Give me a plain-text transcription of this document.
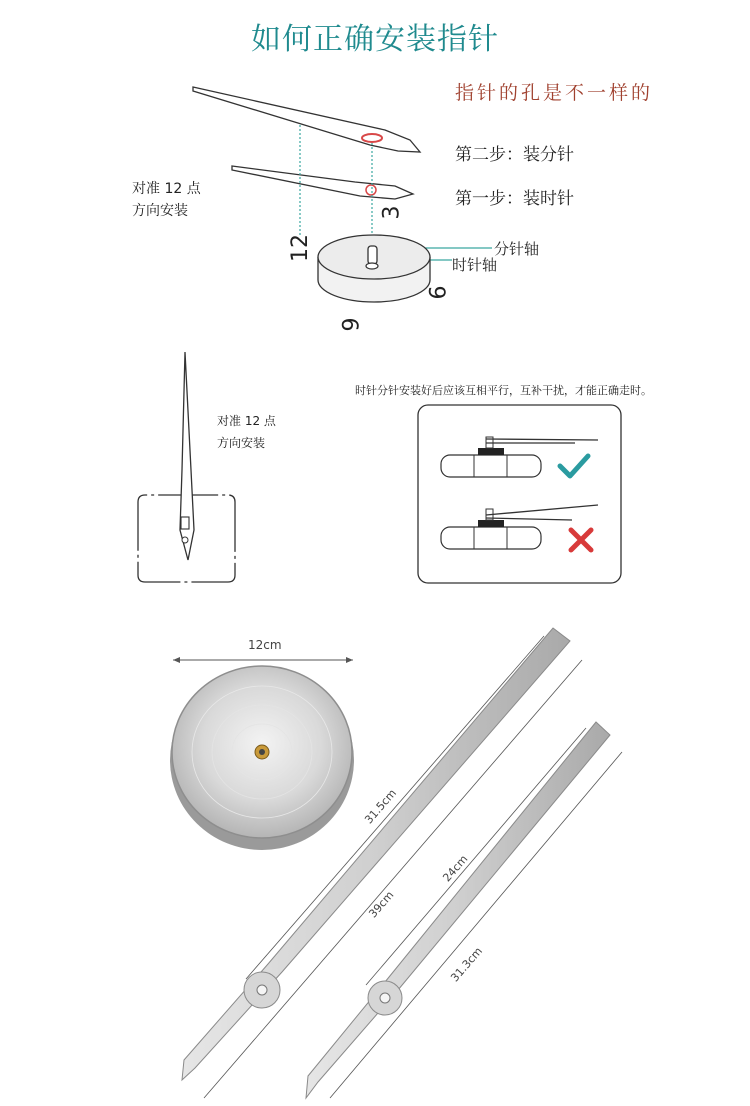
如何正确安装指针
指针的孔是不一样的
第二步：装分针
第一步：装时针
对准 12 点
方向安装
12
3
6
9
分针轴
时针轴
对准 12 点
方向安装
时针分针安装好后应该互相平行，互补干扰，才能正确走时。
12cm
31.5cm
39cm
24cm
31.3cm
